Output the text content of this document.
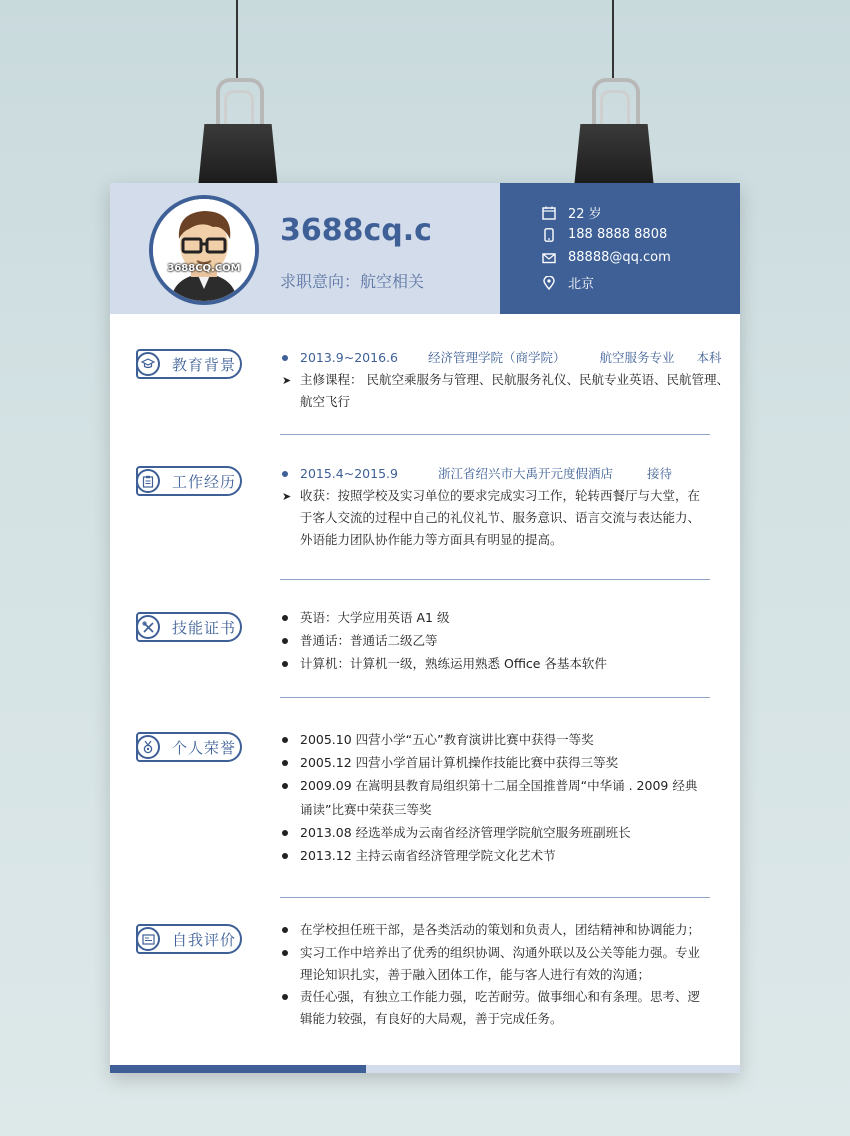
3688CQ.COM
3688cq.c
求职意向：航空相关
22 岁
188 8888 8808
88888@qq.com
北京
教育背景	2013.9~2016.6 经济管理学院（商学院）	航空服务专业 本科
➤ 主修课程： 民航空乘服务与管理、民航服务礼仪、民航专业英语、民航管理、
航空飞行
工作经历	2015.4~2015.9	浙江省绍兴市大禹开元度假酒店	接待
➤ 收获：按照学校及实习单位的要求完成实习工作，轮转西餐厅与大堂，在
于客人交流的过程中自己的礼仪礼节、服务意识、语言交流与表达能力、
外语能力团队协作能力等方面具有明显的提高。
技能证书
英语：大学应用英语 A1 级
普通话：普通话二级乙等
计算机：计算机一级，熟练运用熟悉 Office 各基本软件
个人荣誉	2005.10 四营小学“五心”教育演讲比赛中获得一等奖
2005.12 四营小学首届计算机操作技能比赛中获得三等奖
2009.09 在嵩明县教育局组织第十二届全国推普周“中华诵 . 2009 经典
诵读”比赛中荣获三等奖
2013.08 经选举成为云南省经济管理学院航空服务班副班长
2013.12 主持云南省经济管理学院文化艺术节
自我评价
在学校担任班干部，是各类活动的策划和负责人，团结精神和协调能力；
实习工作中培养出了优秀的组织协调、沟通外联以及公关等能力强。专业
理论知识扎实，善于融入团体工作，能与客人进行有效的沟通；
责任心强，有独立工作能力强，吃苦耐劳。做事细心和有条理。思考、逻
辑能力较强，有良好的大局观，善于完成任务。
